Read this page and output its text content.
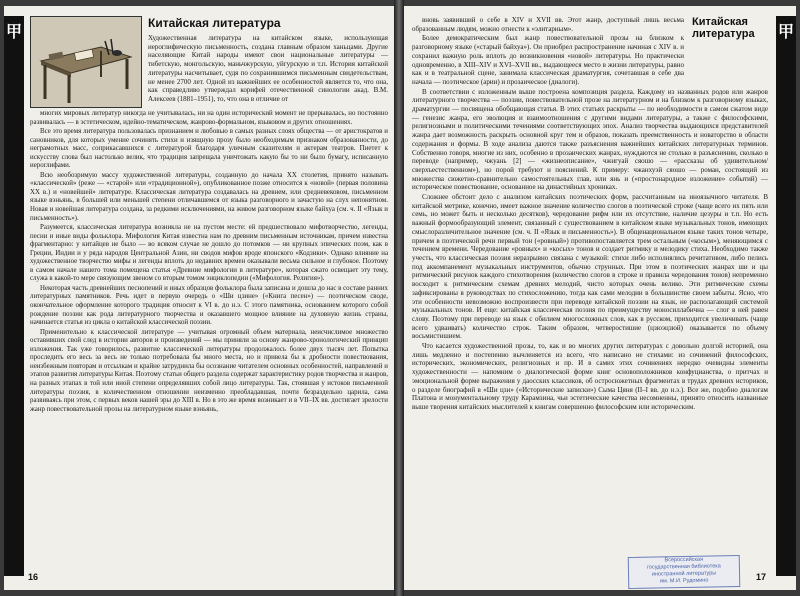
甲	Китайская литература
Художественная литература на китайском языке, использующая иероглифическую письменность, создана главным образом ханьцами. Другие населяющие Китай народы имеют свои национальные литературы — тибетскую, монгольскую, маньчжурскую, уйгурскую и т.п. История китайской литературы насчитывает, судя по сохранившимся письменным свидетельствам, не менее 2700 лет. Одной из важнейших ее особенностей является то, что она, как справедливо утверждал корифей отечественной синологии акад. В.М. Алексеев (1881–1951), то, что она в отличие от

многих мировых литератур никогда не учитывалась, ни на один исторический момент не прерывалась, но постоянно развивалась — в эстетическом, идейно-тематическом, жанрово-формальном, языковом и других отношениях.

Все это время литература пользовалась признанием и любовью в самых разных слоях общества — от аристократов и сановников, для которых умение сочинять стихи и изящную прозу было необходимым признаком образованности, до неграмотных масс, соприкасавшихся с литературой благодаря уличным сказителям и актерам театров. Пиетет к искусству слова был настолько велик, что традиция запрещала уничтожать какую бы то ни было бумагу, исписанную иероглифами.

Всю необозримую массу художественной литературы, созданную до начала XX столетия, принято называть «классической» (реже — «старой» или «традиционной»), опубликованное позже относится к «новой» (первая половина XX в.) и «новейшей» литературе. Классическая литература создавалась на древнем, или средневековом, письменном языке вэньянь, в большей или меньшей степени отличавшемся от языка разговорного и зачастую на слух непонятном. Новая и новейшая литература создана, за редкими исключениями, на живом разговорном языке байхуа (см. ч. II «Язык и письменность»).

Разумеется, классическая литература возникла не на пустом месте: ей предшествовало мифотворчество, легенды, песни и иные виды фольклора. Мифология Китая известна нам по древним письменным источникам, причем известна фрагментарно: у китайцев не было — во всяком случае не дошло до потомков — ни крупных эпических поэм, как в Греции, Индии и у ряда народов Центральной Азии, ни сводов мифов вроде японского «Кодзики». Однако влияние на художественное творчество мифы и легенды вплоть до недавних времен оказывали весьма сильное и глубокое. Поэтому в самом начале нашего тома помещена статья «Древние мифологии в литературе», которая сжато освещает эту тему, служа в какой-то мере связующим звеном со вторым томом энциклопедии («Мифология. Религия»).

Некоторая часть древнейших песнопений и иных образцов фольклора была записана и дошла до нас в составе ранних литературных памятников. Речь идет в первую очередь о «Ши цзине» («Книга песен») — поэтическом своде, окончательное оформление которого традиция относит к VI в. до н.э. С этого памятника, основанием которого собой рождение поэзии как рода литературного творчества и оказавшего мощное влияние на духовную жизнь страны, начинается статья из цикла о китайской классической поэзии.

Применительно к классической литературе — учитывая огромный объем материала, неисчислимое множество оставивших свой след в истории авторов и произведений — мы приняли за основу жанрово-хронологический принцип изложения. Так уже говорилось, развитие классической литературы продолжалось более двух тысяч лет. Попытка проследить его весь за весь не только потребовала бы много места, но и привела бы к дробности повествования, неизбежным повторам и отсылкам и крайне затруднила бы осознание читателем основных особенностей, направлений и этапов развития литературы Китая. Поэтому статьи общего раздела содержат характеристику родов творчества и жанров, на разных этапах в той или иной степени определявших собой лицо литературы. Так, стоявшая у истоков письменной литературы поэзия, в количественном отношении неизменно преобладавшая, почти безраздельно царила, сама развиваясь при этом, с первых веков нашей эры до XIII в. Но в это же время возникает и в VII–IX вв. достигает зрелости жанр повествовательной прозы на литературном языке вэньянь,

16
甲
Китайская литература

вновь заявивший о себе в XIV и XVII вв. Этот жанр, доступный лишь весьма образованным людям, можно отнести к «элитарным».

Более демократическим был жанр повествовательной прозы на близком к разговорному языке («старый байхуа»). Он приобрел распространение начиная с XIV в. и сохранил важную роль вплоть до возникновения «новой» литературы. Но практически одновременно, в XIII–XIV и XVI–XVII вв., выдающееся место в жизни литературы, равно как и в театральной сцене, занимала классическая драматургия, сочетавшая в себе два начала — поэтическое (арии) и прозаическое (диалоги).

В соответствии с изложенным выше построена композиция раздела. Каждому из названных родов или жанров литературного творчества — поэзии, повествовательной прозе на литературном и на близком к разговорному языках, драматургии — посвящена обобщающая статья. В этих статьях раскрыты — по необходимости в самом сжатом виде — генезис жанра, его эволюция и взаимоотношения с другими видами литературы, а также с философскими, религиозными и политическими течениями соответствующих эпох. Анализ творчества выдающихся представителей жанра дает возможность раскрыть основной круг тем и образов, показать преемственность и новаторство в области содержания и формы. В ходе анализа даются также разъяснения важнейших китайских литературных терминов. Собственно говоря, многие из них, особенно в прозаических жанрах, нуждаются не столько в разъяснении, сколько в переводе (например, чжуань [2] — «жизнеописание», чжигуай сяошо — «рассказы об удивительном/сверхъестественном»), но порой требуют и пояснений. К примеру: чжанхуэй сяошо — роман, состоящий из множества сюжетно-сравнительно самостоятельных глав, или янь и («простонародное изложение» событий) — историческое повествование, основанное на династийных хрониках.

Сложнее обстоит дело с анализом китайских поэтических форм, рассчитанным на иноязычного читателя. В китайской метрике, конечно, имеет важное значение количество слогов в поэтической строке (чаще всего их пять или семь, но может быть и несколько десятков), чередование рифм или их отсутствие, наличие цезуры и т.п. Но есть важный формообразующий элемент, связанный с существованием в китайском языке музыкальных тонов, имеющих смыслоразличительное значение (см. ч. II «Язык и письменность»). В общенациональном языке таких тонов четыре, причем в поэтической речи первый тон («ровный») противопоставляется трем остальным («косым»), меняющимся с течением времени. Чередование «ровных» и «косых» тонов и создает ритмику и мелодику стиха. Необходимо также учесть, что классическая поэзия неразрывно связана с музыкой: стихи либо исполнялись речитативом, либо пелись под аккомпанемент музыкальных инструментов, обычно струнных. При этом в поэтических жанрах ши и цы ритмический рисунок каждого стихотворения (количество слогов в строке и правила чередования тонов) непременно восходит к ритмическим схемам древних мелодий, чисто которых очень велико. Эти ритмические схемы зафиксированы в руководствах по стихосложению, тогда как сами мелодии в большинстве своем забыты. Ясно, что эти особенности невозможно воспроизвести при переводе китайской поэзии на язык, не располагающий системой музыкальных тонов. И еще: китайская классическая поэзия по преимуществу моносиллабична — слог в ней равен слову. Поэтому при переводе на язык с обилием многосложных слов, как в русском, приходится увеличивать (чаще всего удваивать) количество строк. Таким образом, четверостишие (цзюэцзюй) оказывается по объему восьмистишием.

Что касается художественной прозы, то, как и во многих других литературах с довольно долгой историей, она лишь медленно и постепенно вычленяется из всего, что написано не стихами: из сочинений философских, исторических, экономических, религиозных и пр. И в самих этих сочинениях нередко очевидны элементы художественности — напомним о диалогической форме книг основоположников конфуцианства, о притчах и эмоциональной форме выражения у даосских классиков, об остросюжетных фрагментах в трудах древних историков, о разделе биографий в «Ши цзи» («Исторические записки») Сыма Цяня (II–I вв. до н.э.). Все же, подобно диалогам Платона и монументальному труду Карамзина, чьи эстетические качества несомненны, принято относить названные выше творения китайских мыслителей к книгам совершенно философским или историческим.

Всероссийская
государственная библиотека
иностранной литературы
им. М.И. Рудомино	17
